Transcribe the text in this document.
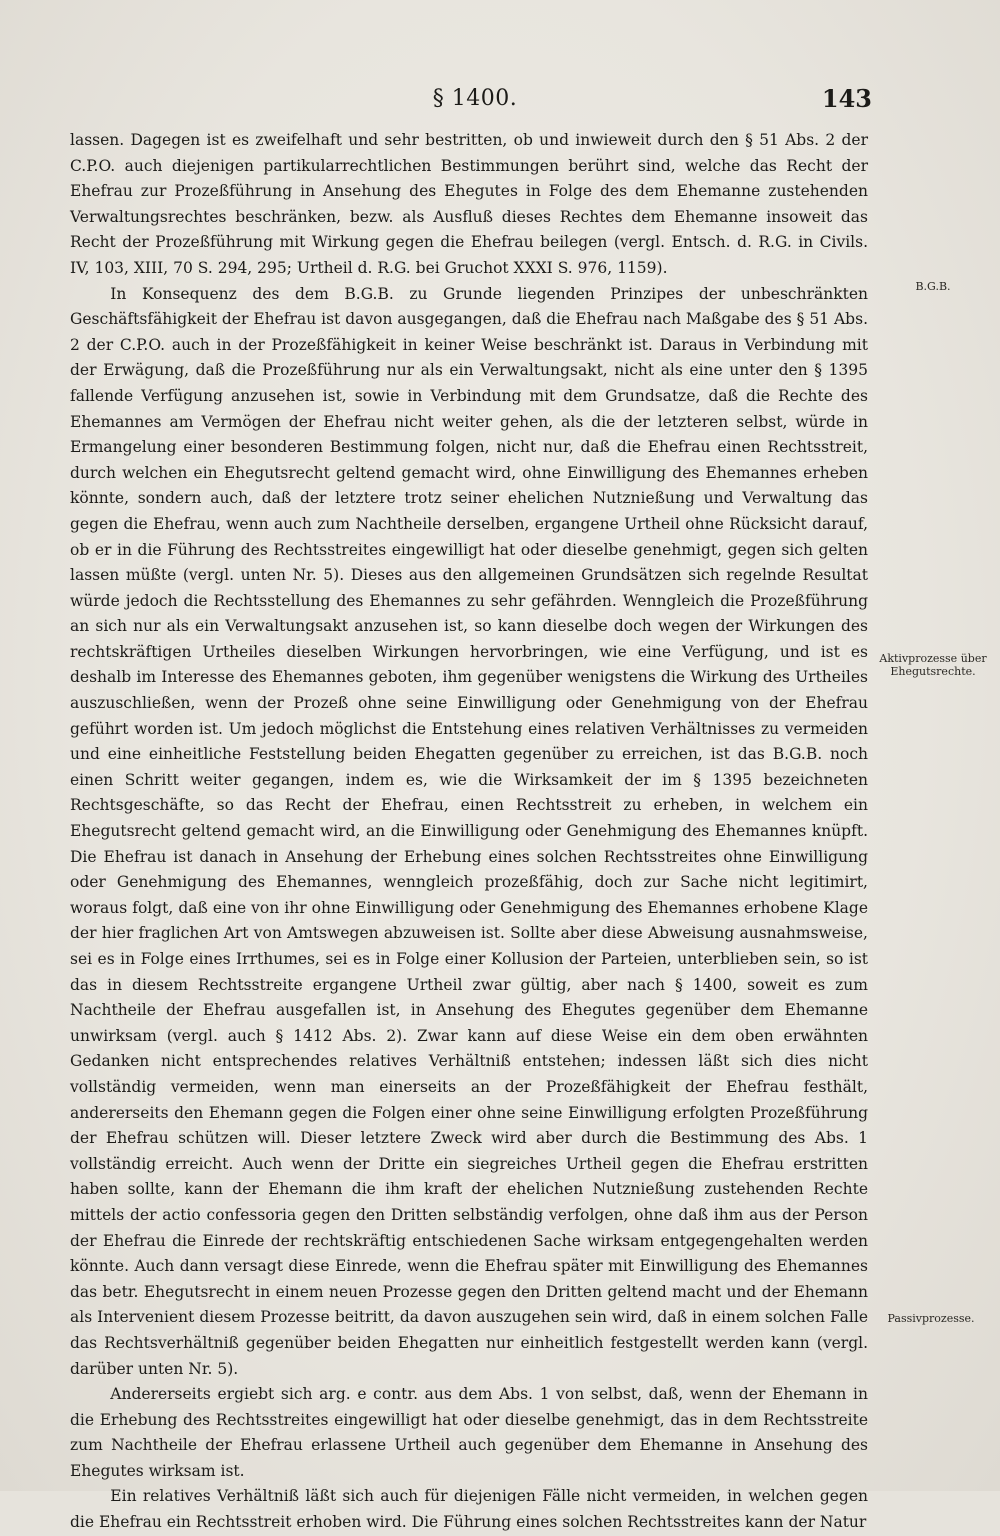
§ 1400.	143

lassen. Dagegen ist es zweifelhaft und sehr bestritten, ob und inwieweit durch den § 51 Abs. 2 der C.P.O. auch diejenigen partikularrechtlichen Bestimmungen berührt sind, welche das Recht der Ehefrau zur Prozeßführung in Ansehung des Ehegutes in Folge des dem Ehemanne zustehenden Verwaltungsrechtes beschränken, bezw. als Ausfluß dieses Rechtes dem Ehemanne insoweit das Recht der Prozeßführung mit Wirkung gegen die Ehefrau beilegen (vergl. Entsch. d. R.G. in Civils. IV, 103, XIII, 70 S. 294, 295; Urtheil d. R.G. bei Gruchot XXXI S. 976, 1159).

In Konsequenz des dem B.G.B. zu Grunde liegenden Prinzipes der unbeschränkten Geschäftsfähigkeit der Ehefrau ist davon ausgegangen, daß die Ehefrau nach Maßgabe des § 51 Abs. 2 der C.P.O. auch in der Prozeßfähigkeit in keiner Weise beschränkt ist. Daraus in Verbindung mit der Erwägung, daß die Prozeßführung nur als ein Verwaltungsakt, nicht als eine unter den § 1395 fallende Verfügung anzusehen ist, sowie in Verbindung mit dem Grundsatze, daß die Rechte des Ehemannes am Vermögen der Ehefrau nicht weiter gehen, als die der letzteren selbst, würde in Ermangelung einer besonderen Bestimmung folgen, nicht nur, daß die Ehefrau einen Rechtsstreit, durch welchen ein Ehegutsrecht geltend gemacht wird, ohne Einwilligung des Ehemannes erheben könnte, sondern auch, daß der letztere trotz seiner ehelichen Nutznießung und Verwaltung das gegen die Ehefrau, wenn auch zum Nachtheile derselben, ergangene Urtheil ohne Rücksicht darauf, ob er in die Führung des Rechtsstreites eingewilligt hat oder dieselbe genehmigt, gegen sich gelten lassen müßte (vergl. unten Nr. 5). Dieses aus den allgemeinen Grundsätzen sich regelnde Resultat würde jedoch die Rechtsstellung des Ehemannes zu sehr gefährden. Wenngleich die Prozeßführung an sich nur als ein Verwaltungsakt anzusehen ist, so kann dieselbe doch wegen der Wirkungen des rechtskräftigen Urtheiles dieselben Wirkungen hervorbringen, wie eine Verfügung, und ist es deshalb im Interesse des Ehemannes geboten, ihm gegenüber wenigstens die Wirkung des Urtheiles auszuschließen, wenn der Prozeß ohne seine Einwilligung oder Genehmigung von der Ehefrau geführt worden ist. Um jedoch möglichst die Entstehung eines relativen Verhältnisses zu vermeiden und eine einheitliche Feststellung beiden Ehegatten gegenüber zu erreichen, ist das B.G.B. noch einen Schritt weiter gegangen, indem es, wie die Wirksamkeit der im § 1395 bezeichneten Rechtsgeschäfte, so das Recht der Ehefrau, einen Rechtsstreit zu erheben, in welchem ein Ehegutsrecht geltend gemacht wird, an die Einwilligung oder Genehmigung des Ehemannes knüpft. Die Ehefrau ist danach in Ansehung der Erhebung eines solchen Rechtsstreites ohne Einwilligung oder Genehmigung des Ehemannes, wenngleich prozeßfähig, doch zur Sache nicht legitimirt, woraus folgt, daß eine von ihr ohne Einwilligung oder Genehmigung des Ehemannes erhobene Klage der hier fraglichen Art von Amtswegen abzuweisen ist. Sollte aber diese Abweisung ausnahmsweise, sei es in Folge eines Irrthumes, sei es in Folge einer Kollusion der Parteien, unterblieben sein, so ist das in diesem Rechtsstreite ergangene Urtheil zwar gültig, aber nach § 1400, soweit es zum Nachtheile der Ehefrau ausgefallen ist, in Ansehung des Ehegutes gegenüber dem Ehemanne unwirksam (vergl. auch § 1412 Abs. 2). Zwar kann auf diese Weise ein dem oben erwähnten Gedanken nicht entsprechendes relatives Verhältniß entstehen; indessen läßt sich dies nicht vollständig vermeiden, wenn man einerseits an der Prozeßfähigkeit der Ehefrau festhält, andererseits den Ehemann gegen die Folgen einer ohne seine Einwilligung erfolgten Prozeßführung der Ehefrau schützen will. Dieser letztere Zweck wird aber durch die Bestimmung des Abs. 1 vollständig erreicht. Auch wenn der Dritte ein siegreiches Urtheil gegen die Ehefrau erstritten haben sollte, kann der Ehemann die ihm kraft der ehelichen Nutznießung zustehenden Rechte mittels der actio confessoria gegen den Dritten selbständig verfolgen, ohne daß ihm aus der Person der Ehefrau die Einrede der rechtskräftig entschiedenen Sache wirksam entgegengehalten werden könnte. Auch dann versagt diese Einrede, wenn die Ehefrau später mit Einwilligung des Ehemannes das betr. Ehegutsrecht in einem neuen Prozesse gegen den Dritten geltend macht und der Ehemann als Intervenient diesem Prozesse beitritt, da davon auszugehen sein wird, daß in einem solchen Falle das Rechtsverhältniß gegenüber beiden Ehegatten nur einheitlich festgestellt werden kann (vergl. darüber unten Nr. 5).

Andererseits ergiebt sich arg. e contr. aus dem Abs. 1 von selbst, daß, wenn der Ehemann in die Erhebung des Rechtsstreites eingewilligt hat oder dieselbe genehmigt, das in dem Rechtsstreite zum Nachtheile der Ehefrau erlassene Urtheil auch gegenüber dem Ehemanne in Ansehung des Ehegutes wirksam ist.

Ein relatives Verhältniß läßt sich auch für diejenigen Fälle nicht vermeiden, in welchen gegen die Ehefrau ein Rechtsstreit erhoben wird. Die Führung eines solchen Rechtsstreites kann der Natur

B.G.B.
Aktivprozesse über Ehegutsrechte.
Passivprozesse.
